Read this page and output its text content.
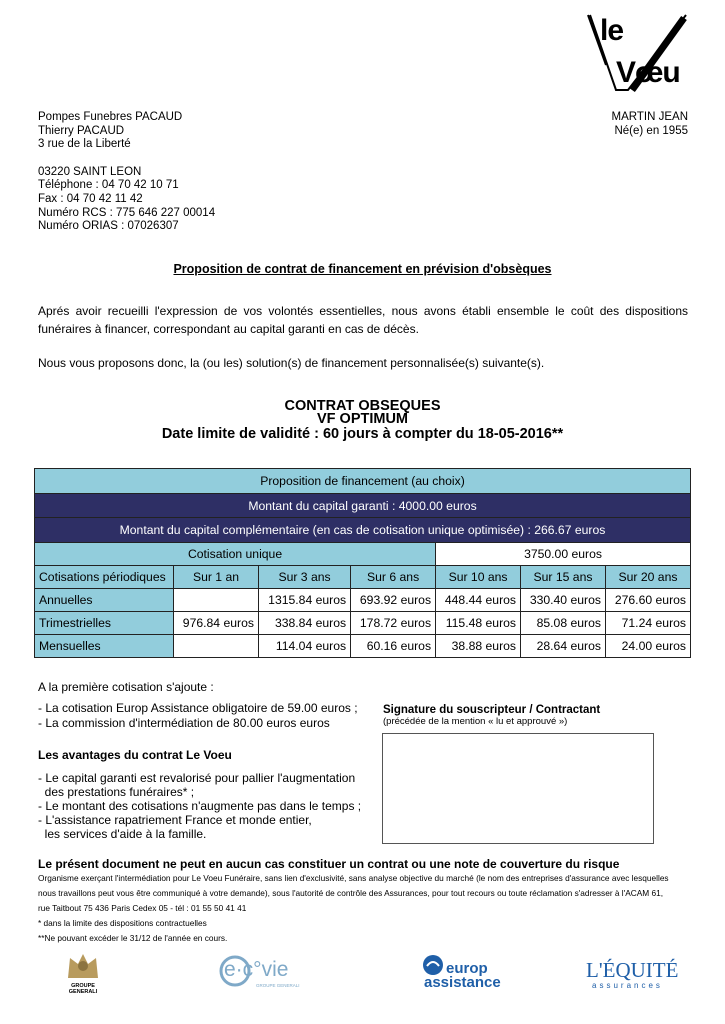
le
Vœu

Pompes Funebres PACAUD

Thierry PACAUD

3 rue de la Liberté

03220 SAINT LEON

Téléphone : 04 70 42 10 71

Fax : 04 70 42 11 42

Numéro RCS : 775 646 227 00014

Numéro ORIAS : 07026307

MARTIN JEAN

Né(e) en 1955

Proposition de contrat de financement en prévision d'obsèques
Aprés avoir recueilli l'expression de vos volontés essentielles, nous avons établi ensemble le coût des dispositions funéraires à financer, correspondant au capital garanti en cas de décès.
Nous vous proposons donc, la (ou les) solution(s) de financement personnalisée(s) suivante(s).
CONTRAT OBSEQUES
VF OPTIMUM
Date limite de validité : 60 jours à compter du 18-05-2016**
Proposition de financement (au choix)						
Montant du capital garanti : 4000.00 euros						
Montant du capital complémentaire (en cas de cotisation unique optimisée) : 266.67 euros						
Cotisation unique				3750.00 euros		
Cotisations périodiques	Sur 1 an	Sur 3 ans	Sur 6 ans	Sur 10 ans	Sur 15 ans	Sur 20 ans
Annuelles		1315.84 euros	693.92 euros	448.44 euros	330.40 euros	276.60 euros
Trimestrielles	976.84 euros	338.84 euros	178.72 euros	115.48 euros	85.08 euros	71.24 euros
Mensuelles		114.04 euros	60.16 euros	38.88 euros	28.64 euros	24.00 euros
A la première cotisation s'ajoute :
- La cotisation Europ Assistance obligatoire de 59.00 euros ;
- La commission d'intermédiation de 80.00 euros euros
Signature du souscripteur / Contractant
(précédée de la mention « lu et approuvé »)
Les avantages du contrat Le Voeu
- Le capital garanti est revalorisé pour pallier l'augmentation
des prestations funéraires* ;
- Le montant des cotisations n'augmente pas dans le temps ;
- L'assistance rapatriement France et monde entier,
les services d'aide à la famille.
Le présent document ne peut en aucun cas constituer un contrat ou une note de couverture du risque
Organisme exerçant l'intermédiation pour Le Voeu Funéraire, sans lien d'exclusivité, sans analyse objective du marché (le nom des entreprises d'assurance avec lesquelles
nous travaillons peut vous être communiqué à votre demande), sous l'autorité de contrôle des Assurances, pour tout recours ou toute réclamation s'adresser à l'ACAM 61,
rue Taitbout 75 436 Paris Cedex 05 - tél : 01 55 50 41 41
* dans la limite des dispositions contractuelles
**Ne pouvant excéder le 31/12 de l'année en cours.
GROUPE GENERALI
e·c°vie
GROUPE GENERALI
europ
assistance
L'ÉQUITÉ
assurances
